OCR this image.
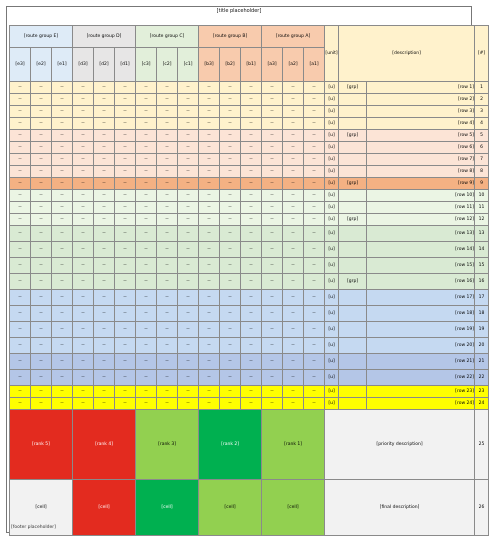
[title placeholder]
[#]	[description]		[unit]	[route group A]			[route group B]			[route group C]			[route group D]			[route group E]		
				[a1]	[a2]	[a3]	[b1]	[b2]	[b3]	[c1]	[c2]	[c3]	[d1]	[d2]	[d3]	[e1]	[e2]	[e3]
1	[row 1]	[grp]	[u]	--	--	--	--	--	--	--	--	--	--	--	--	--	--	--
2	[row 2]		[u]	--	--	--	--	--	--	--	--	--	--	--	--	--	--	--
3	[row 3]		[u]	--	--	--	--	--	--	--	--	--	--	--	--	--	--	--
4	[row 4]		[u]	--	--	--	--	--	--	--	--	--	--	--	--	--	--	--
5	[row 5]	[grp]	[u]	--	--	--	--	--	--	--	--	--	--	--	--	--	--	--
6	[row 6]		[u]	--	--	--	--	--	--	--	--	--	--	--	--	--	--	--
7	[row 7]		[u]	--	--	--	--	--	--	--	--	--	--	--	--	--	--	--
8	[row 8]		[u]	--	--	--	--	--	--	--	--	--	--	--	--	--	--	--
9	[row 9]	[grp]	[u]	--	--	--	--	--	--	--	--	--	--	--	--	--	--	--
10	[row 10]		[u]	--	--	--	--	--	--	--	--	--	--	--	--	--	--	--
11	[row 11]		[u]	--	--	--	--	--	--	--	--	--	--	--	--	--	--	--
12	[row 12]	[grp]	[u]	--	--	--	--	--	--	--	--	--	--	--	--	--	--	--
13	[row 13]		[u]	--	--	--	--	--	--	--	--	--	--	--	--	--	--	--
14	[row 14]		[u]	--	--	--	--	--	--	--	--	--	--	--	--	--	--	--
15	[row 15]		[u]	--	--	--	--	--	--	--	--	--	--	--	--	--	--	--
16	[row 16]	[grp]	[u]	--	--	--	--	--	--	--	--	--	--	--	--	--	--	--
17	[row 17]		[u]	--	--	--	--	--	--	--	--	--	--	--	--	--	--	--
18	[row 18]		[u]	--	--	--	--	--	--	--	--	--	--	--	--	--	--	--
19	[row 19]		[u]	--	--	--	--	--	--	--	--	--	--	--	--	--	--	--
20	[row 20]		[u]	--	--	--	--	--	--	--	--	--	--	--	--	--	--	--
21	[row 21]		[u]	--	--	--	--	--	--	--	--	--	--	--	--	--	--	--
22	[row 22]		[u]	--	--	--	--	--	--	--	--	--	--	--	--	--	--	--
23	[row 23]		[u]	--	--	--	--	--	--	--	--	--	--	--	--	--	--	--
24	[row 24]		[u]	--	--	--	--	--	--	--	--	--	--	--	--	--	--	--
25	[priority description]			[rank 1]			[rank 2]			[rank 3]			[rank 4]			[rank 5]		
26	[final description]			[cell]			[cell]			[cell]			[cell]			[cell]		
[footer placeholder]
